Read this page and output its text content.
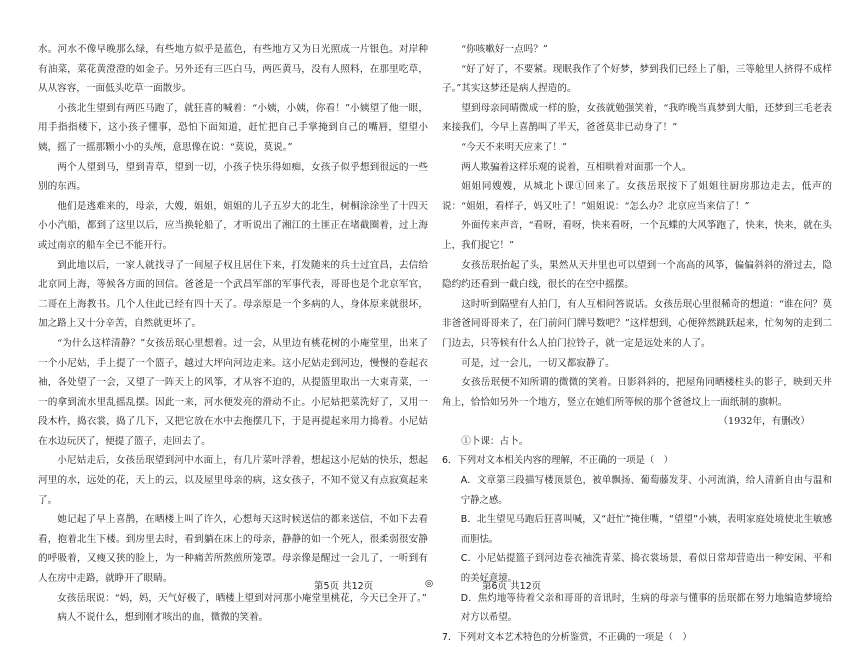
水。河水不像早晚那么绿，有些地方似乎是蓝色，有些地方又为日光照成一片银色。对岸种有油菜，菜花黄澄澄的如金子。另外还有三匹白马，两匹黄马，没有人照料，在那里吃草，从从容容，一面低头吃草一面散步。

小孩北生望到有两匹马跑了，就狂喜的喊着：“小姨，小姨，你看！”小姨望了他一眼，用手指指楼下，这小孩子懂事，恐怕下面知道，赶忙把自己手掌掩到自己的嘴唇，望望小姨，摇了一摇那颗小小的头颅，意思像在说：“莫说，莫说。”

两个人望到马，望到青草，望到一切，小孩子快乐得如痴，女孩子似乎想到很远的一些别的东西。

他们是逃难来的，母亲，大嫂，姐姐，姐姐的儿子五岁大的北生，树桐涂涂坐了十四天小小汽船，都到了这里以后，应当换轮船了，才听说出了湘江的土匪正在堵截圈着，过上海或过南京的船车全已不能开行。

到此地以后，一家人就找寻了一间屋子权且居住下来，打发随来的兵士过宜昌，去信给北京同上海，等候各方面的回信。爸爸是一个武昌军部的军事代表，哥哥也是个北京军官，二哥在上海教书。几个人住此已经有四十天了。母亲原是一个多病的人，身体原来就很坏，加之路上又十分辛苦，自然就更坏了。

“为什么这样清静？”女孩岳珉心里想着。过一会，从里边有桃花树的小庵堂里，出来了一个小尼姑，手上提了一个篮子，越过大坪向河边走来。这小尼姑走到河边，慢慢的卷起衣袖，各处望了一会，又望了一阵天上的风筝，才从容不迫的，从提篮里取出一大束青菜，一一的拿到流水里乱摇乱摆。因此一来，河水便发亮的滑动不止。小尼姑把菜洗好了，又用一段木杵，捣衣裳，捣了几下，又把它放在水中去拖摆几下，于是再提起来用力捣着。小尼姑在水边玩厌了，便提了篮子，走回去了。

小尼姑走后，女孩岳珉望到河中水面上，有几片菜叶浮着，想起这小尼姑的快乐，想起河里的水，远处的花，天上的云，以及屋里母亲的病，这女孩子，不知不觉又有点寂寞起来了。

她记起了早上喜鹊，在晒楼上叫了许久，心想每天这时候送信的都来送信，不如下去看看，抱着北生下楼。到房里去时，看到躺在床上的母亲，静静的如一个死人，很柔弱很安静的呼吸着，又瘦又狭的脸上，为一种痛苦所熬煎所笼罩。母亲像是醒过一会儿了，一听到有人在房中走路，就睁开了眼睛。

女孩岳珉说：“妈，妈，天气好极了，晒楼上望到对河那小庵堂里桃花，今天已全开了。”

病人不说什么，想到刚才咳出的血，微微的笑着。

“你咳嗽好一点吗？”

“好了好了，不要紧。现眠我作了个好梦，梦到我们已经上了船，三等舱里人挤得不成样子。”其实这梦还是病人捏造的。

望到母亲同晴微成一样的脸，女孩就勉强笑着，“我昨晚当真梦到大船，还梦到三毛老表来接我们，今早上喜鹊叫了半天，爸爸莫非已动身了！”

“今天不来明天应来了！”

两人欺骗着这样乐观的说着，互相哄着对面那一个人。

姐姐同嫂嫂，从城北卜课①回来了。女孩岳珉按下了姐姐往厨房那边走去，低声的说：“姐姐，看样子，妈又吐了！”姐姐说：“怎么办？北京应当来信了！”

外面传来声音，“看呀，看呀，快来看呀，一个瓦蝶的大风筝跑了，快来，快来，就在头上，我们捉它！”

女孩岳珉抬起了头，果然从天井里也可以望到一个高高的风筝，偏偏斜斜的滑过去，隐隐约约还看到一截白线，很长的在空中摇摆。

这时听到隔壁有人拍门，有人互相问答说话。女孩岳珉心里很稀奇的想道：“谁在问？莫非爸爸同哥哥来了，在门前问门牌号数吧？”这样想到，心便猝然跳跃起来，忙匆匆的走到二门边去，只等候有什么人拍门拉铃子，就一定是远处来的人了。

可是，过一会儿，一切又都寂静了。

女孩岳珉便不知所谓的微微的笑着。日影斜斜的，把屋角同晒楼柱头的影子，映到天井角上，恰恰如另外一个地方，竖立在她们所等候的那个爸爸坟上一面纸制的旗帜。

（1932年，有删改）

①卜课：占卜。

6．下列对文本相关内容的理解，不正确的一项是（　）

A．文章第三段描写楼顶景色，被单飘扬、葡萄藤发芽、小河流淌，给人清新自由与温和宁静之感。

B．北生望见马跑后狂喜叫喊，又“赶忙”掩住嘴，“望望”小姨，表明家庭处境使北生敏感而胆怯。

C．小尼姑提篮子到河边卷衣袖洗青菜、捣衣裳场景，看似日常却营造出一种安闲、平和的美好意境。

D．焦灼地等待着父亲和哥哥的音讯时，生病的母亲与懂事的岳珉都在努力地编造梦境给对方以希望。

7．下列对文本艺术特色的分析鉴赏，不正确的一项是（　）

第5页 共12页	◎	第6页 共12页
